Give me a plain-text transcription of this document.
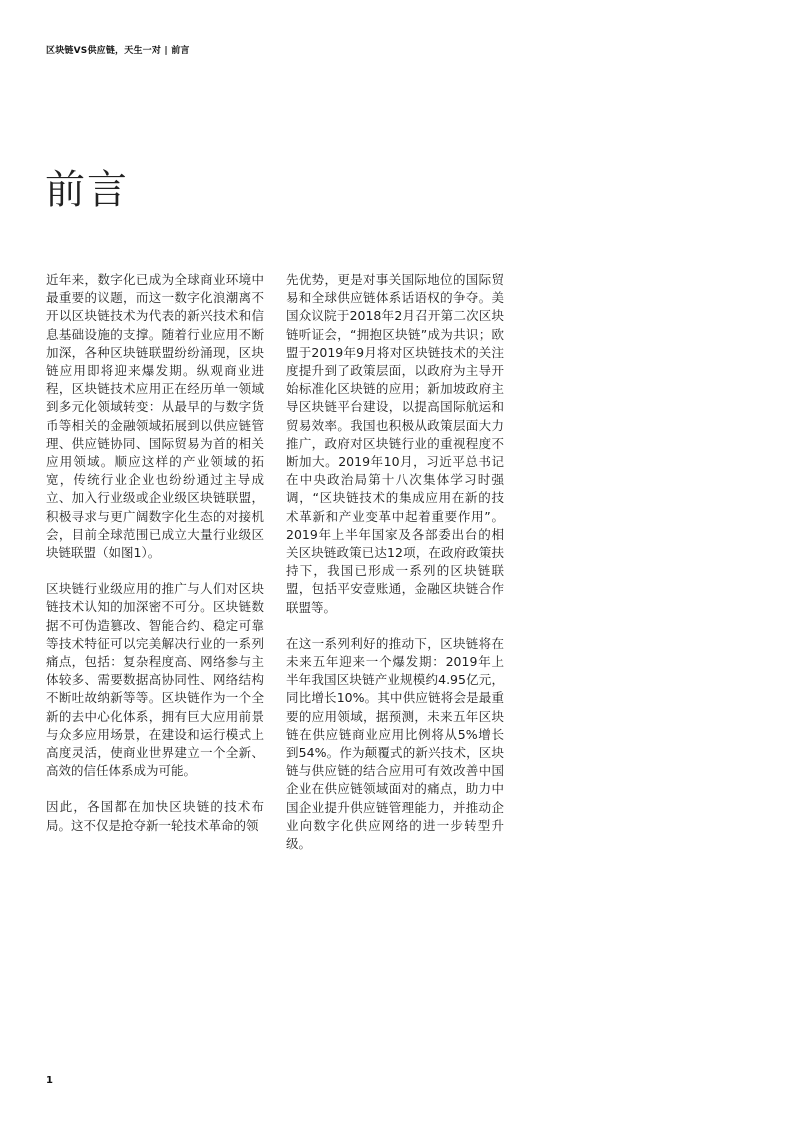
区块链VS供应链，天生一对 | 前言
前言

近年来，数字化已成为全球商业环境中最重要的议题，而这一数字化浪潮离不开以区块链技术为代表的新兴技术和信息基础设施的支撑。随着行业应用不断加深，各种区块链联盟纷纷涌现，区块链应用即将迎来爆发期。纵观商业进程，区块链技术应用正在经历单一领域到多元化领域转变：从最早的与数字货币等相关的金融领域拓展到以供应链管理、供应链协同、国际贸易为首的相关应用领域。顺应这样的产业领域的拓宽，传统行业企业也纷纷通过主导成立、加入行业级或企业级区块链联盟，积极寻求与更广阔数字化生态的对接机会，目前全球范围已成立大量行业级区块链联盟（如图1）。

区块链行业级应用的推广与人们对区块链技术认知的加深密不可分。区块链数据不可伪造篡改、智能合约、稳定可靠等技术特征可以完美解决行业的一系列痛点，包括：复杂程度高、网络参与主体较多、需要数据高协同性、网络结构不断吐故纳新等等。区块链作为一个全新的去中心化体系，拥有巨大应用前景与众多应用场景，在建设和运行模式上高度灵活，使商业世界建立一个全新、高效的信任体系成为可能。

因此，各国都在加快区块链的技术布局。这不仅是抢夺新一轮技术革命的领

先优势，更是对事关国际地位的国际贸易和全球供应链体系话语权的争夺。美国众议院于2018年2月召开第二次区块链听证会，“拥抱区块链”成为共识；欧盟于2019年9月将对区块链技术的关注度提升到了政策层面，以政府为主导开始标准化区块链的应用；新加坡政府主导区块链平台建设，以提高国际航运和贸易效率。我国也积极从政策层面大力推广，政府对区块链行业的重视程度不断加大。2019年10月，习近平总书记在中央政治局第十八次集体学习时强调，“区块链技术的集成应用在新的技术革新和产业变革中起着重要作用”。2019年上半年国家及各部委出台的相关区块链政策已达12项，在政府政策扶持下，我国已形成一系列的区块链联盟，包括平安壹账通，金融区块链合作联盟等。

在这一系列利好的推动下，区块链将在未来五年迎来一个爆发期：2019年上半年我国区块链产业规模约4.95亿元，同比增长10%。其中供应链将会是最重要的应用领域，据预测，未来五年区块链在供应链商业应用比例将从5%增长到54%。作为颠覆式的新兴技术，区块链与供应链的结合应用可有效改善中国企业在供应链领域面对的痛点，助力中国企业提升供应链管理能力，并推动企业向数字化供应网络的进一步转型升级。

1
